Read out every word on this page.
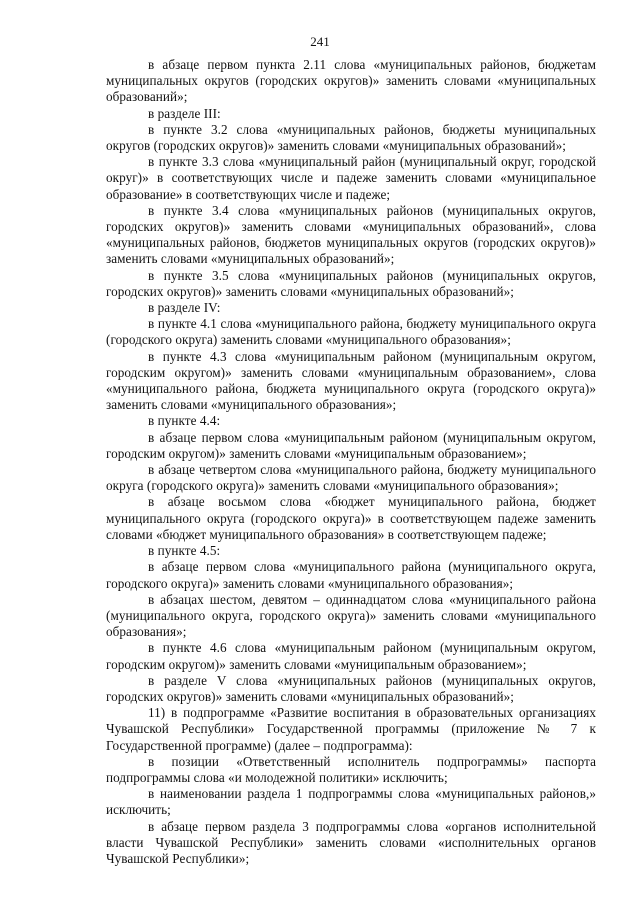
241

в абзаце первом пункта 2.11 слова «муниципальных районов, бюджетам муниципальных округов (городских округов)» заменить словами «муниципальных образований»;

в разделе III:

в пункте 3.2 слова «муниципальных районов, бюджеты муниципальных округов (городских округов)» заменить словами «муниципальных образований»;

в пункте 3.3 слова «муниципальный район (муниципальный округ, городской округ)» в соответствующих числе и падеже заменить словами «муниципальное образование» в соответствующих числе и падеже;

в пункте 3.4 слова «муниципальных районов (муниципальных округов, городских округов)» заменить словами «муниципальных образований», слова «муниципальных районов, бюджетов муниципальных округов (городских округов)» заменить словами «муниципальных образований»;

в пункте 3.5 слова «муниципальных районов (муниципальных округов, городских округов)» заменить словами «муниципальных образований»;

в разделе IV:

в пункте 4.1 слова «муниципального района, бюджету муниципального округа (городского округа) заменить словами «муниципального образования»;

в пункте 4.3 слова «муниципальным районом (муниципальным округом, городским округом)» заменить словами «муниципальным образованием», слова «муниципального района, бюджета муниципального округа (городского округа)» заменить словами «муниципального образования»;

в пункте 4.4:

в абзаце первом слова «муниципальным районом (муниципальным округом, городским округом)» заменить словами «муниципальным образованием»;

в абзаце четвертом слова «муниципального района, бюджету муниципального округа (городского округа)» заменить словами «муниципального образования»;

в абзаце восьмом слова «бюджет муниципального района, бюджет муниципального округа (городского округа)» в соответствующем падеже заменить словами «бюджет муниципального образования» в соответствующем падеже;

в пункте 4.5:

в абзаце первом слова «муниципального района (муниципального округа, городского округа)» заменить словами «муниципального образования»;

в абзацах шестом, девятом – одиннадцатом слова «муниципального района (муниципального округа, городского округа)» заменить словами «муниципального образования»;

в пункте 4.6 слова «муниципальным районом (муниципальным округом, городским округом)» заменить словами «муниципальным образованием»;

в разделе V слова «муниципальных районов (муниципальных округов, городских округов)» заменить словами «муниципальных образований»;

11) в подпрограмме «Развитие воспитания в образовательных организациях Чувашской Республики» Государственной программы (приложение № 7 к Государственной программе) (далее – подпрограмма):

в позиции «Ответственный исполнитель подпрограммы» паспорта подпрограммы слова «и молодежной политики» исключить;

в наименовании раздела 1 подпрограммы слова «муниципальных районов,» исключить;

в абзаце первом раздела 3 подпрограммы слова «органов исполнительной власти Чувашской Республики» заменить словами «исполнительных органов Чувашской Республики»;
